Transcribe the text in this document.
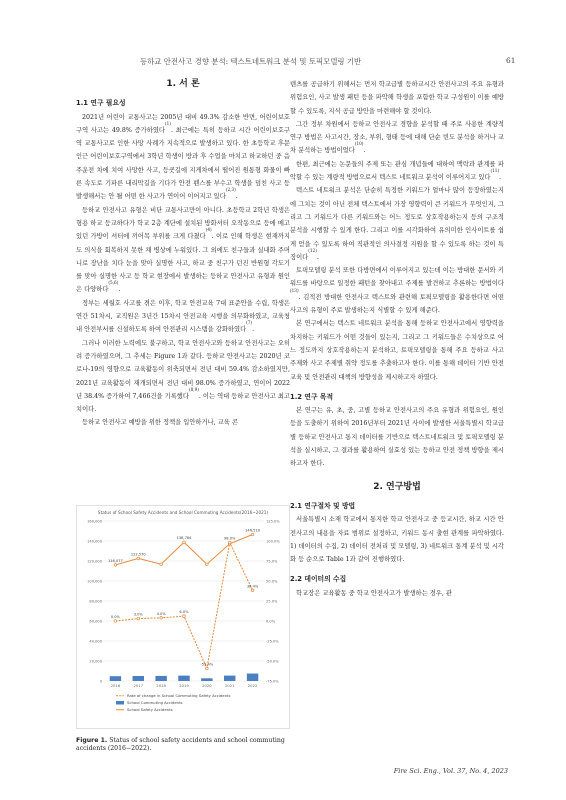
등하교 안전사고 경향 분석: 텍스트네트워크 분석 및 토픽모델링 기반	61

1. 서 론

1.1 연구 필요성

2021년 어린이 교통사고는 2005년 대비 49.3% 감소한 반면, 어린이보호구역 사고는 49.8% 증가하였다$^{(1)}$. 최근에는 특히 등하교 시간 어린이보호구역 교통사고로 인한 사망 사례가 지속적으로 발생하고 있다. 한 초등학교 후문 인근 어린이보호구역에서 3학년 학생이 방과 후 수업을 마치고 하교하던 중 음주운전 차에 치여 사망한 사고, 등굣길에 지게차에서 떨어진 원통형 화물이 빠른 속도로 기파른 내리막길을 기다가 안전 펜스를 부수고 학생을 덮친 사고 등 발생해서는 안 될 어떤 한 사고가 연이어 이어지고 있다$^{(2,3)}$.

등하교 안전사고 유형은 비단 교통사고만이 아니다. 초등학교 2학년 학생은 형용 하교 등교하다가 학교 2층 계단에 설치된 방화셔터 오작동으로 등에 메고 있던 가방이 셔터에 끼어목 부위를 크게 다쳤다$^{(4)}$. 이로 인해 학생은 현재까지도 의식을 회복하지 못한 채 병상에 누워있다. 그 외에도 친구들과 실내화 주머니로 장난을 치다 눈을 맞아 실명한 사고, 하교 중 친구가 던진 반원형 각도기를 맞아 실명한 사고 등 학교 현장에서 발생하는 등하교 안전사고 유형과 원인은 다양하다$^{(5,6)}$.

정부는 세월호 사고를 겪은 이후, 학교 안전교육 7대 표준안을 수립, 학생은 연간 51차시, 교직원은 3년간 15차시 안전교육 시행을 의무화하였고, 교육청 내 안전부서를 신설하도록 하여 안전관리 시스템을 강화하였다$^{(7)}$.

그러나 이러한 노력에도 불구하고, 학교 안전사고와 등하교 안전사고는 오히려 증가하였으며, 그 추세는 Figure 1과 같다. 등하교 안전사고는 2020년 코로나-19의 영향으로 교육활동이 위축되면서 전년 대비 59.4% 감소하였지만, 2021년 교육활동이 재개되면서 전년 대비 98.0% 증가하였고, 연이어 2022년 38.4% 증가하여 7,466건을 기록했다$^{(8,9)}$. 이는 역대 등하교 안전사고 최고치이다.

등하교 안전사고 예방을 위한 정책을 입안하거나, 교육 콘

Status of School Safety Accidents and School Commuting Accidents(2016~2021)
0
20,000
40,000
60,000
80,000
100,000
120,000
140,000
160,000
-75.0%
-50.0%
-25.0%
0.0%
25.0%
50.0%
75.0%
100.0%
125.0%
2016	2017	2018	2019	2020	2021	2022
116,077
122,570
138,784
146,510
0.0%
3.0%	4.0%	6.0%
-59.4%
98.0%
38.4%
Rate of change in School Commuting Safety Accidents
School Commuting Accidents
School Safety Accidents
Figure 1. Status of school safety accidents and school commuting accidents (2016−2022).

텐츠를 공급하기 위해서는 먼저 학교급별 등하교시간 안전사고의 주요 유형과 위험요인, 사고 발생 패턴 등을 파악해 학생을 포함한 학교 구성원이 이를 예방할 수 있도록, 지식 공급 방안을 마련해야 할 것이다.

그간 정부 차원에서 등하교 안전사고 경향을 분석할 때 주로 사용한 계량적 연구 방법은 사고시간, 장소, 부위, 형태 등에 대해 단순 빈도 분석을 하거나 교차 분석하는 방법이었다$^{(10)}$.

한편, 최근에는 논문들의 주제 또는 관심 개념들에 대하여 맥락과 관계를 파악할 수 있는 계량적 방법으로서 텍스트 네트워크 분석이 이루어지고 있다$^{(11)}$.

텍스트 네트워크 분석은 단순히 특정한 키워드가 얼마나 많이 등장하였는지에 그치는 것이 아닌 전체 텍스트에서 가장 영향력이 큰 키워드가 무엇인지, 그리고 그 키워드가 다른 키워드와는 어느 정도로 상호작용하는지 등의 구조적 분석을 시행할 수 있게 한다. 그리고 이를 시각화하여 유의미한 인사이트를 쉽게 얻을 수 있도록 하여 직관적인 의사결정 지원을 할 수 있도록 하는 것이 특징이다$^{(12)}$.

토픽모델링 분석 또한 다방면에서 이루어지고 있는데 이는 방대한 문서와 키워드를 바탕으로 일정한 패턴을 찾아내고 주제를 발견하고 추론하는 방법이다$^{(13)}$. 김적전 방대한 안전사고 텍스트와 관련해 토픽모델링을 활용한다면 어떤 사고의 유형이 주로 발생하는지 식별할 수 있게 해준다.

본 연구에서는 텍스트 네트워크 분석을 통해 등하교 안전사고에서 영향력을 차지하는 키워드가 어떤 것들이 있는지, 그리고 그 키워드들은 수치상으로 어느 정도까지 상호작용하는지 분석하고, 토픽모델링을 통해 주요 등하교 사고 주제와 사고 주제별 취약 정도를 추출하고자 한다. 이를 통해 데이터 기반 안전교육 및 안전관리 대책의 방향성을 제시하고자 하였다.

1.2 연구 목적

본 연구는 유, 초, 중, 고별 등하교 안전사고의 주요 유형과 위험요인, 원인 등을 도출하기 위하여 2016년부터 2021년 사이에 발생한 서울특별시 학교급별 등하교 안전사고 통지 데이터를 기반으로 텍스트네트워크 및 토픽모델링 분석을 실시하고, 그 결과를 활용하여 실효성 있는 등하교 안전 정책 방향을 제시하고자 한다.

2. 연구방법

2.1 연구절차 및 방법

서울특별시 소재 학교에서 통지한 학교 안전사고 중 등교시간, 하교 시간 안전사고의 내용을 자료 범위로 설정하고, 키워드 동시 출현 관계를 파악하였다. 1) 데이터의 수집, 2) 데이터 전처리 및 모델링, 3) 네트워크 통계 분석 및 시각화 등 순으로 Table 1과 같이 진행하였다.

2.2 데이터의 수집

학교장은 교육활동 중 학교 안전사고가 발생하는 경우, 관

Fire Sci. Eng., Vol. 37, No. 4, 2023
